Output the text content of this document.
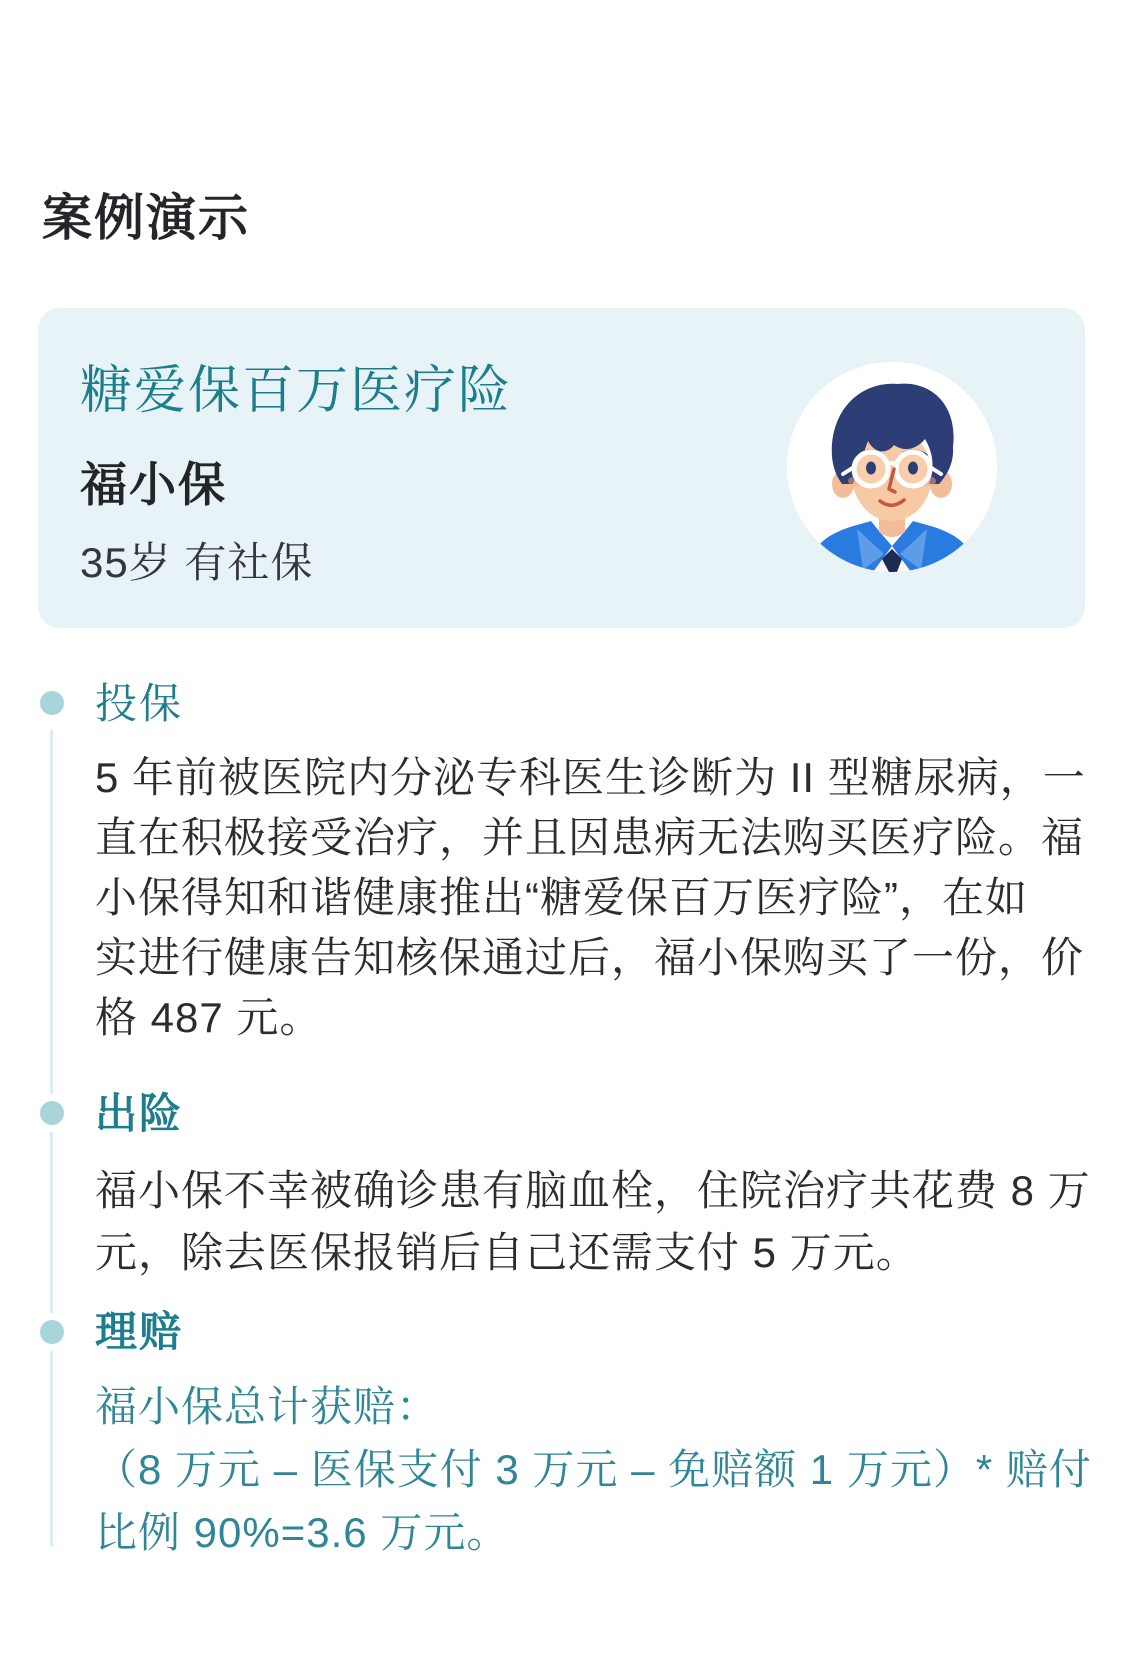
案例演示
糖爱保百万医疗险
福小保
35岁 有社保
投保
5 年前被医院内分泌专科医生诊断为 II 型糖尿病，一
直在积极接受治疗，并且因患病无法购买医疗险。福
小保得知和谐健康推出“糖爱保百万医疗险”，在如
实进行健康告知核保通过后，福小保购买了一份，价
格 487 元。
出险
福小保不幸被确诊患有脑血栓，住院治疗共花费 8 万
元，除去医保报销后自己还需支付 5 万元。
理赔
福小保总计获赔：
（8 万元 – 医保支付 3 万元 – 免赔额 1 万元）* 赔付
比例 90%=3.6 万元。
